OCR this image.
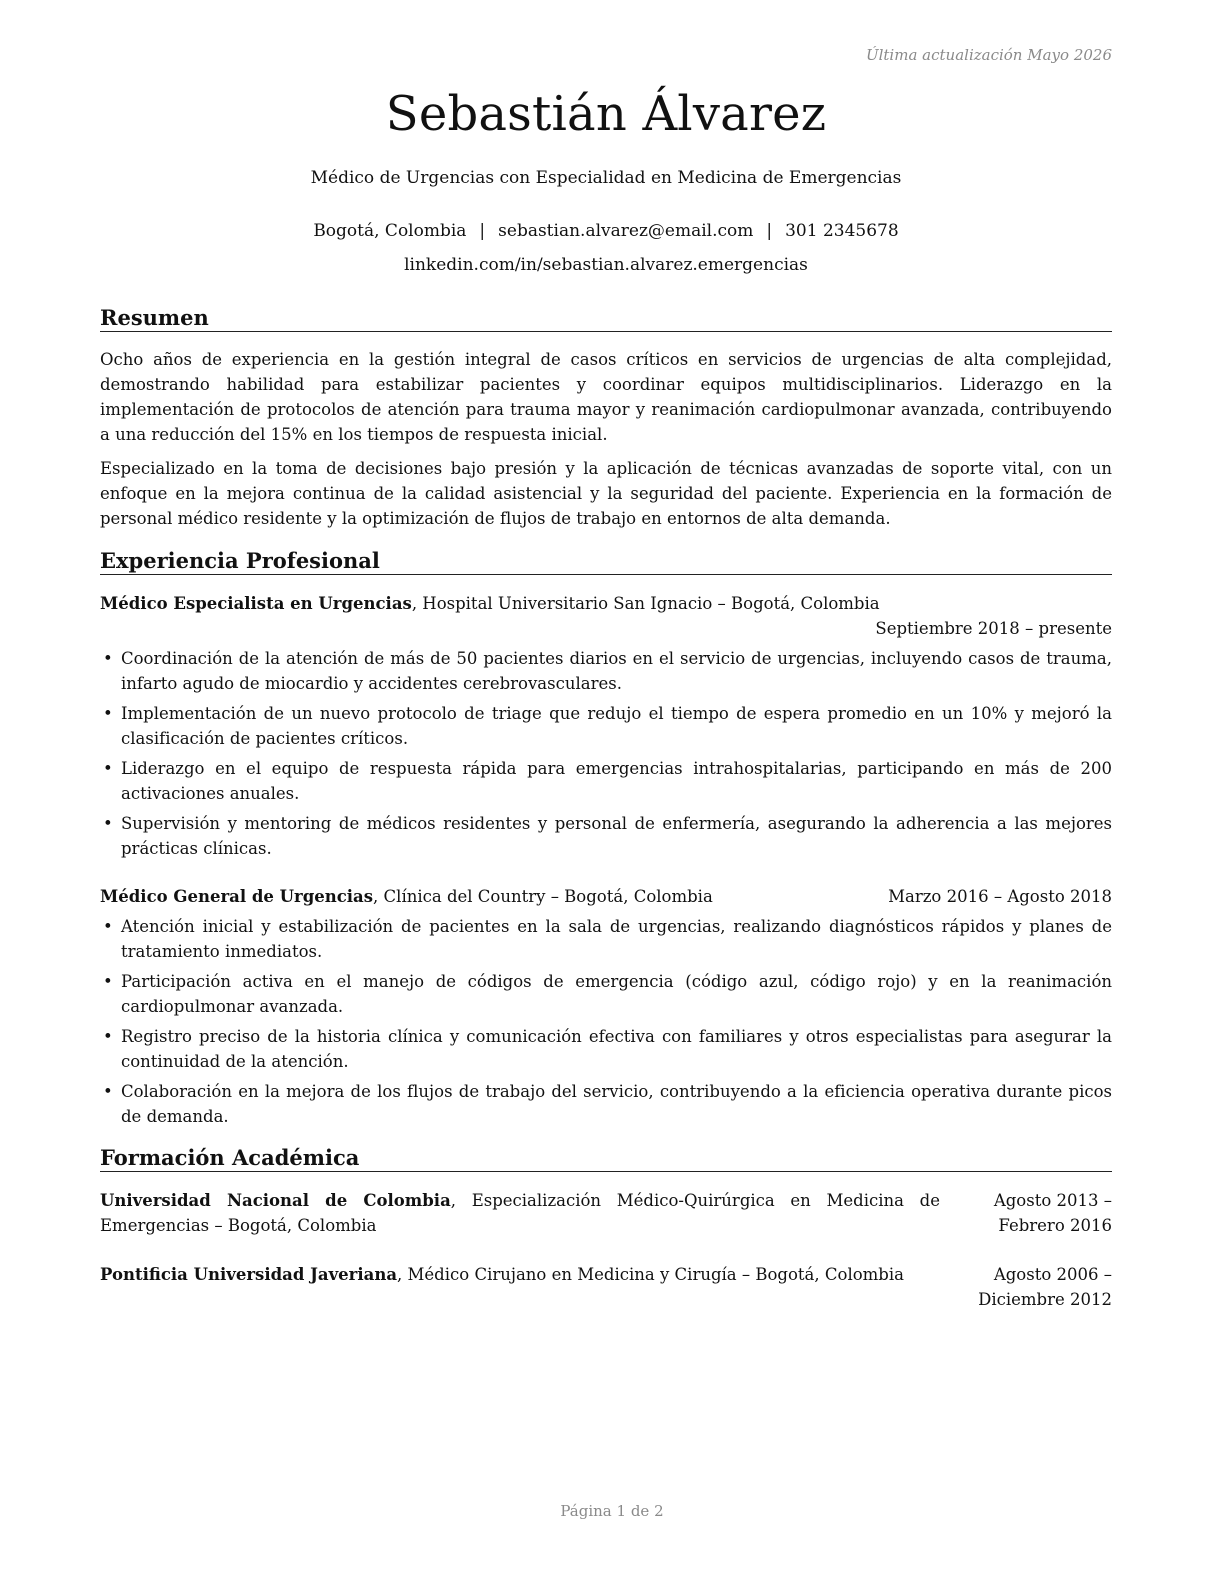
Última actualización Mayo 2026
Sebastián Álvarez
Médico de Urgencias con Especialidad en Medicina de Emergencias
Bogotá, Colombia | sebastian.alvarez@email.com | 301 2345678
linkedin.com/in/sebastian.alvarez.emergencias
Resumen
Ocho años de experiencia en la gestión integral de casos críticos en servicios de urgencias de alta complejidad, demostrando habilidad para estabilizar pacientes y coordinar equipos multidisciplinarios. Liderazgo en la implementación de protocolos de atención para trauma mayor y reanimación cardiopulmonar avanzada, contribuyendo a una reducción del 15% en los tiempos de respuesta inicial.
Especializado en la toma de decisiones bajo presión y la aplicación de técnicas avanzadas de soporte vital, con un enfoque en la mejora continua de la calidad asistencial y la seguridad del paciente. Experiencia en la formación de personal médico residente y la optimización de flujos de trabajo en entornos de alta demanda.
Experiencia Profesional
Médico Especialista en Urgencias, Hospital Universitario San Ignacio – Bogotá, Colombia
Septiembre 2018 – presente
• Coordinación de la atención de más de 50 pacientes diarios en el servicio de urgencias, incluyendo casos de trauma, infarto agudo de miocardio y accidentes cerebrovasculares.
• Implementación de un nuevo protocolo de triage que redujo el tiempo de espera promedio en un 10% y mejoró la clasificación de pacientes críticos.
• Liderazgo en el equipo de respuesta rápida para emergencias intrahospitalarias, participando en más de 200 activaciones anuales.
• Supervisión y mentoring de médicos residentes y personal de enfermería, asegurando la adherencia a las mejores prácticas clínicas.
Médico General de Urgencias, Clínica del Country – Bogotá, Colombia	Marzo 2016 – Agosto 2018
• Atención inicial y estabilización de pacientes en la sala de urgencias, realizando diagnósticos rápidos y planes de tratamiento inmediatos.
• Participación activa en el manejo de códigos de emergencia (código azul, código rojo) y en la reanimación cardiopulmonar avanzada.
• Registro preciso de la historia clínica y comunicación efectiva con familiares y otros especialistas para asegurar la continuidad de la atención.
• Colaboración en la mejora de los flujos de trabajo del servicio, contribuyendo a la eficiencia operativa durante picos de demanda.
Formación Académica
Universidad Nacional de Colombia, Especialización Médico-Quirúrgica en Medicina de Emergencias – Bogotá, Colombia
Agosto 2013 – Febrero 2016
Pontificia Universidad Javeriana, Médico Cirujano en Medicina y Cirugía – Bogotá, Colombia	Agosto 2006 – Diciembre 2012
Página 1 de 2
